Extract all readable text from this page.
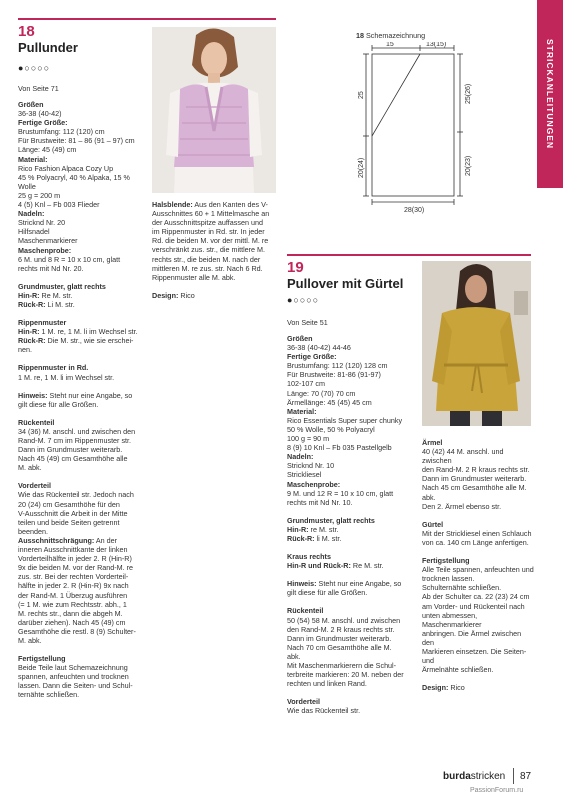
STRICKANLEITUNGEN
18
Pullunder
●○○○○
Von Seite 71

Größen

36-38 (40-42)

Fertige Größe:

Brustumfang: 112 (120) cm

Für Brustweite: 81 – 86 (91 – 97) cm

Länge: 45 (49) cm

Material:

Rico Fashion Alpaca Cozy Up

45 % Polyacryl, 40 % Alpaka, 15 %

Wolle

25 g = 200 m

4 (5) Knl – Fb 003 Flieder

Nadeln:

Stricknd Nr. 20

Hilfsnadel

Maschenmarkierer

Maschenprobe:

6 M. und 8 R = 10 x 10 cm, glatt

rechts mit Nd Nr. 20.

Grundmuster, glatt rechts

Hin-R: Re M. str.

Rück-R: Li M. str.

Rippenmuster

Hin-R: 1 M. re, 1 M. li im Wechsel str.

Rück-R: Die M. str., wie sie erschei-

nen.

Rippenmuster in Rd.

1 M. re, 1 M. li im Wechsel str.

Hinweis: Steht nur eine Angabe, so

gilt diese für alle Größen.

Rückenteil

34 (36) M. anschl. und zwischen den

Rand-M. 7 cm im Rippenmuster str.

Dann im Grundmuster weiterarb.

Nach 45 (49) cm Gesamthöhe alle

M. abk.

Vorderteil

Wie das Rückenteil str. Jedoch nach

20 (24) cm Gesamthöhe für den

V-Ausschnitt die Arbeit in der Mitte

teilen und beide Seiten getrennt

beenden.

Ausschnittschrägung: An der

inneren Ausschnittkante der linken

Vorderteilhälfte in jeder 2. R (Hin-R)

9x die beiden M. vor der Rand-M. re

zus. str. Bei der rechten Vorderteil-

hälfte in jeder 2. R (Hin-R) 9x nach

der Rand-M. 1 Überzug ausführen

(= 1 M. wie zum Rechtsstr. abh., 1

M. rechts str., dann die abgeh M.

darüber ziehen). Nach 45 (49) cm

Gesamthöhe die restl. 8 (9) Schulter-

M. abk.

Fertigstellung

Beide Teile laut Schemazeichnung

spannen, anfeuchten und trocknen

lassen. Dann die Seiten- und Schul-

ternähte schließen.

Halsblende: Aus den Kanten des V-

Ausschnittes 60 + 1 Mittelmasche an

der Ausschnittspitze auffassen und

im Rippenmuster in Rd. str. In jeder

Rd. die beiden M. vor der mittl. M. re

verschränkt zus. str., die mittlere M.

rechts str., die beiden M. nach der

mittleren M. re zus. str. Nach 6 Rd.

Rippenmuster alle M. abk.

Design: Rico

18 Schemazeichnung
15	13(15)
25
20(24)
25(26)
20(23)
28(30)
19
Pullover mit Gürtel
●○○○○
Von Seite 51

Größen

36-38 (40-42) 44-46

Fertige Größe:

Brustumfang: 112 (120) 128 cm

Für Brustweite: 81-86 (91-97)

102-107 cm

Länge: 70 (70) 70 cm

Ärmellänge: 45 (45) 45 cm

Material:

Rico Essentials Super super chunky

50 % Wolle, 50 % Polyacryl

100 g = 90 m

8 (9) 10 Knl – Fb 035 Pastellgelb

Nadeln:

Stricknd Nr. 10

Strickliesel

Maschenprobe:

9 M. und 12 R = 10 x 10 cm, glatt

rechts mit Nd Nr. 10.

Grundmuster, glatt rechts

Hin-R: re M. str.

Rück-R: li M. str.

Kraus rechts

Hin-R und Rück-R: Re M. str.

Hinweis: Steht nur eine Angabe, so

gilt diese für alle Größen.

Rückenteil

50 (54) 58 M. anschl. und zwischen

den Rand-M. 2 R kraus rechts str.

Dann im Grundmuster weiterarb.

Nach 70 cm Gesamthöhe alle M.

abk.

Mit Maschenmarkierern die Schul-

terbreite markieren: 20 M. neben der

rechten und linken Rand.

Vorderteil

Wie das Rückenteil str.

Ärmel

40 (42) 44 M. anschl. und zwischen

den Rand-M. 2 R kraus rechts str.

Dann im Grundmuster weiterarb.

Nach 45 cm Gesamthöhe alle M.

abk.

Den 2. Ärmel ebenso str.

Gürtel

Mit der Strickliesel einen Schlauch

von ca. 140 cm Länge anfertigen.

Fertigstellung

Alle Teile spannen, anfeuchten und

trocknen lassen.

Schulternähte schließen.

Ab der Schulter ca. 22 (23) 24 cm

am Vorder- und Rückenteil nach

unten abmessen, Maschenmarkierer

anbringen. Die Ärmel zwischen den

Markieren einsetzen. Die Seiten- und

Ärmelnähte schließen.

Design: Rico

burdastricken 87
PassionForum.ru
